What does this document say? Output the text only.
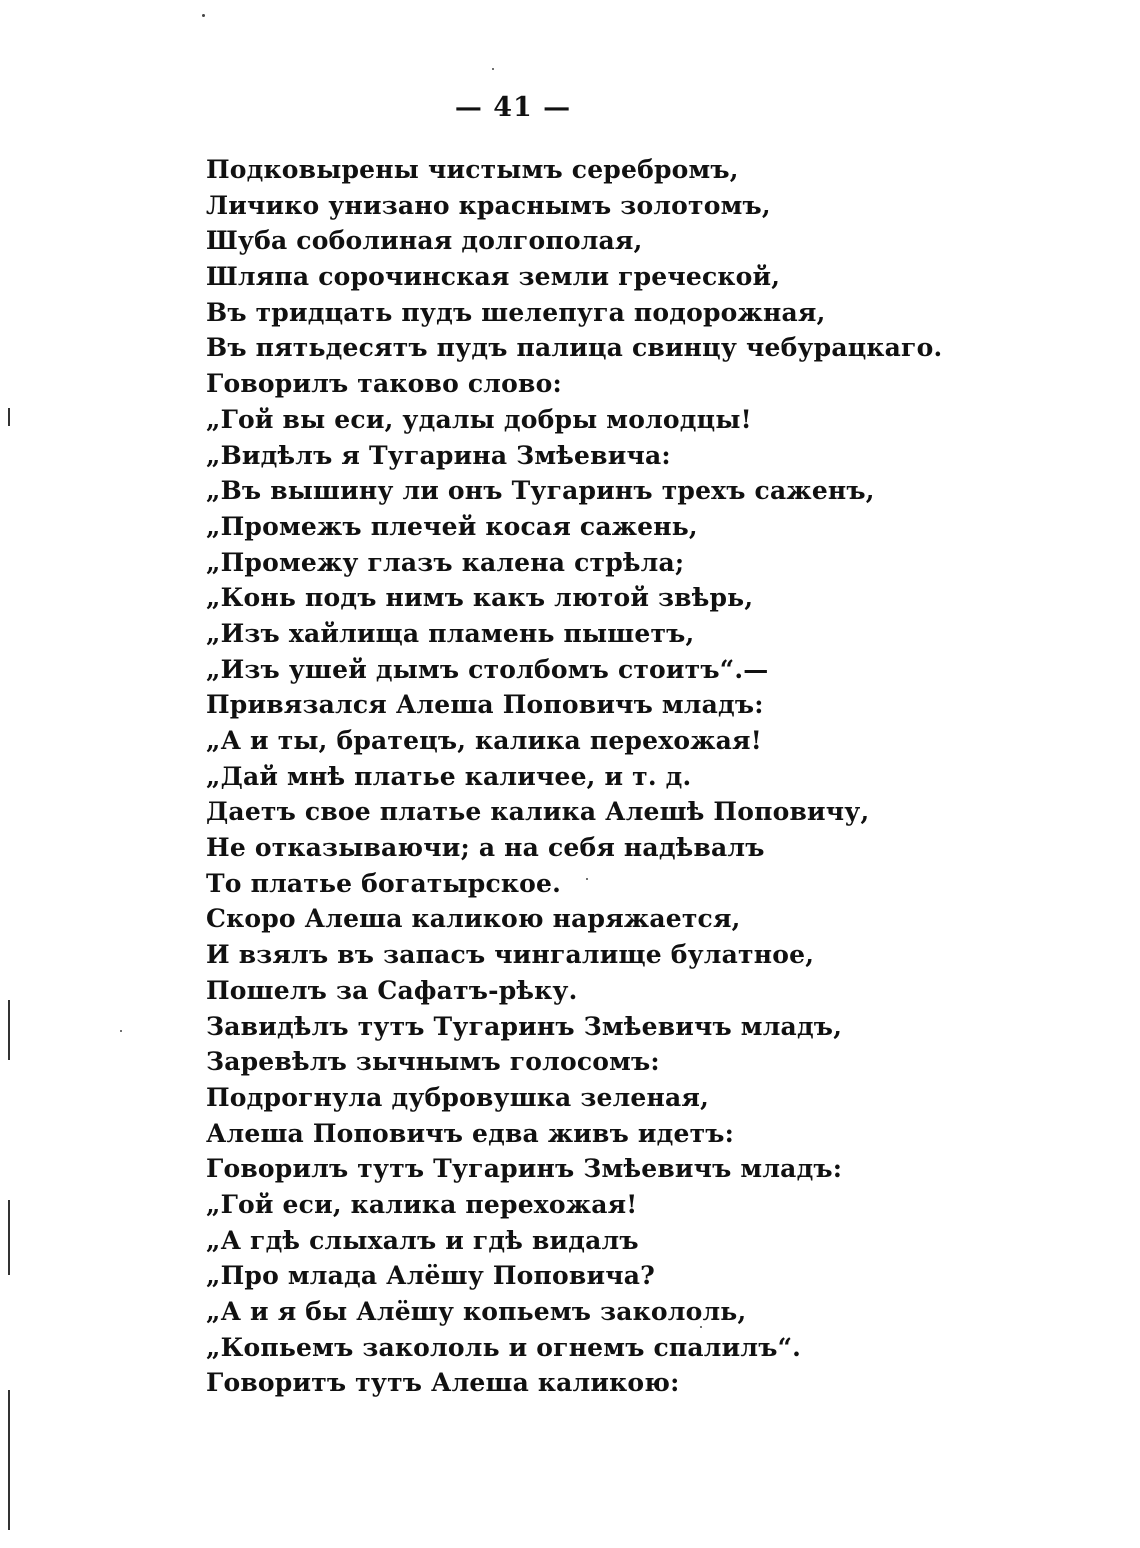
— 41 —
Подковырены чистымъ серебромъ,
Личико унизано краснымъ золотомъ,
Шуба соболиная долгополая,
Шляпа сорочинская земли греческой,
Въ тридцать пудъ шелепуга подорожная,
Въ пятьдесятъ пудъ палица свинцу чебурацкаго.
Говорилъ таково слово:
„Гой вы еси, удалы добры молодцы!
„Видѣлъ я Тугарина Змѣевича:
„Въ вышину ли онъ Тугаринъ трехъ саженъ,
„Промежъ плечей косая сажень,
„Промежу глазъ калена стрѣла;
„Конь подъ нимъ какъ лютой звѣрь,
„Изъ хайлища пламень пышетъ,
„Изъ ушей дымъ столбомъ стоитъ“.—
Привязался Алеша Поповичъ младъ:
„А и ты, братецъ, калика перехожая!
„Дай мнѣ платье каличее, и т. д.
Даетъ свое платье калика Алешѣ Поповичу,
Не отказываючи; а на себя надѣвалъ
То платье богатырское.
Скоро Алеша каликою наряжается,
И взялъ въ запасъ чингалище булатное,
Пошелъ за Сафатъ-рѣку.
Завидѣлъ тутъ Тугаринъ Змѣевичъ младъ,
Заревѣлъ зычнымъ голосомъ:
Подрогнула дубровушка зеленая,
Алеша Поповичъ едва живъ идетъ:
Говорилъ тутъ Тугаринъ Змѣевичъ младъ:
„Гой еси, калика перехожая!
„А гдѣ слыхалъ и гдѣ видалъ
„Про млада Алёшу Поповича?
„А и я бы Алёшу копьемъ закололь,
„Копьемъ закололь и огнемъ спалилъ“.
Говоритъ тутъ Алеша каликою:
